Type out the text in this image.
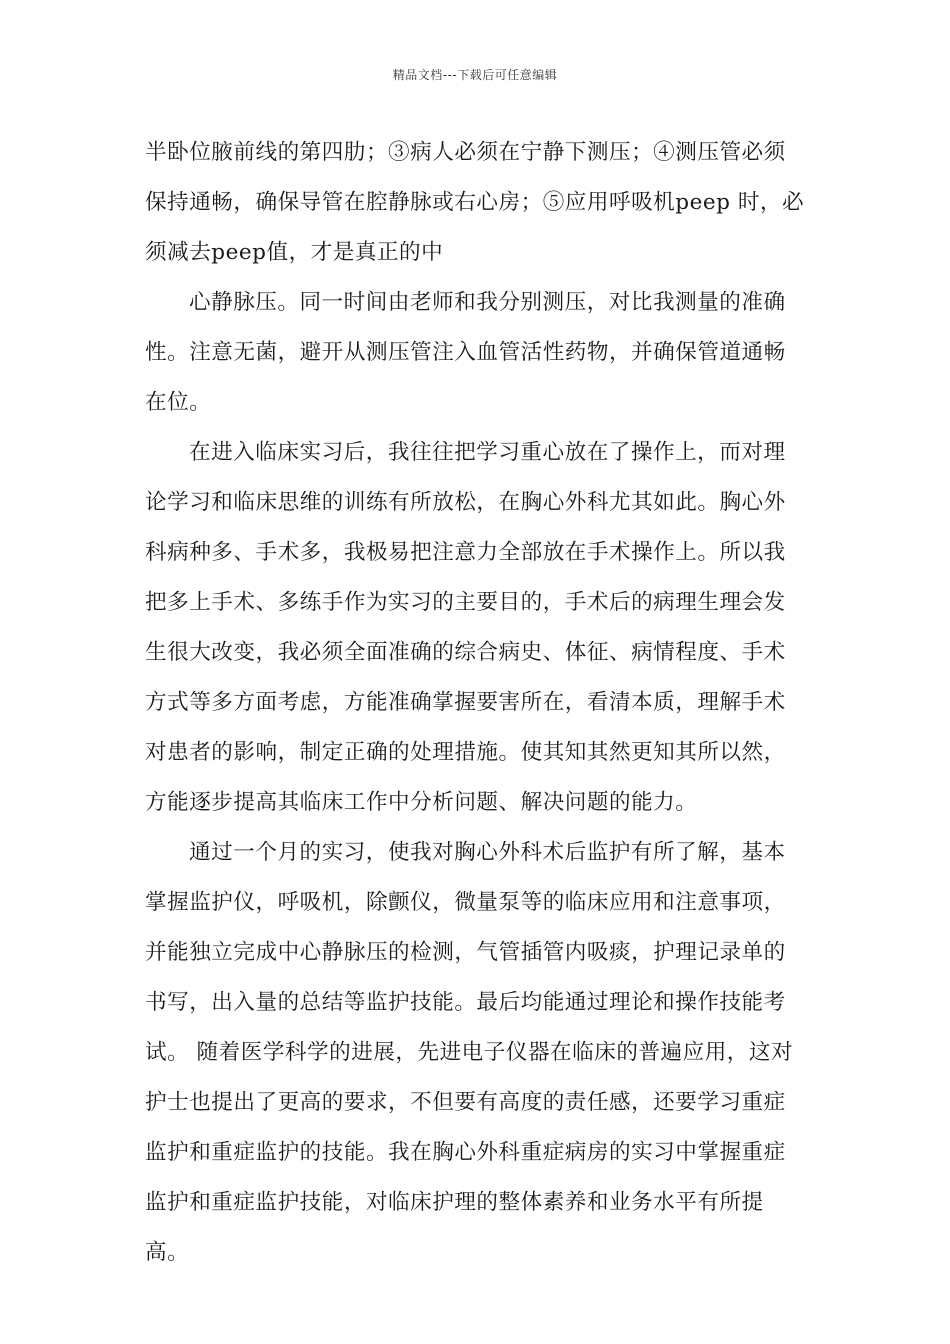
精品文档---下载后可任意编辑

半卧位腋前线的第四肋；③病人必须在宁静下测压；④测压管必须保持通畅，确保导管在腔静脉或右心房；⑤应用呼吸机peep 时，必须减去peep值，才是真正的中

心静脉压。同一时间由老师和我分别测压，对比我测量的准确性。注意无菌，避开从测压管注入血管活性药物，并确保管道通畅在位。

在进入临床实习后，我往往把学习重心放在了操作上，而对理论学习和临床思维的训练有所放松，在胸心外科尤其如此。胸心外科病种多、手术多，我极易把注意力全部放在手术操作上。所以我把多上手术、多练手作为实习的主要目的，手术后的病理生理会发生很大改变，我必须全面准确的综合病史、体征、病情程度、手术方式等多方面考虑，方能准确掌握要害所在，看清本质，理解手术对患者的影响，制定正确的处理措施。使其知其然更知其所以然，方能逐步提高其临床工作中分析问题、解决问题的能力。

通过一个月的实习，使我对胸心外科术后监护有所了解，基本掌握监护仪，呼吸机，除颤仪，微量泵等的临床应用和注意事项，并能独立完成中心静脉压的检测，气管插管内吸痰，护理记录单的书写，出入量的总结等监护技能。最后均能通过理论和操作技能考试。 随着医学科学的进展，先进电子仪器在临床的普遍应用，这对护士也提出了更高的要求，不但要有高度的责任感，还要学习重症监护和重症监护的技能。我在胸心外科重症病房的实习中掌握重症监护和重症监护技能，对临床护理的整体素养和业务水平有所提高。
